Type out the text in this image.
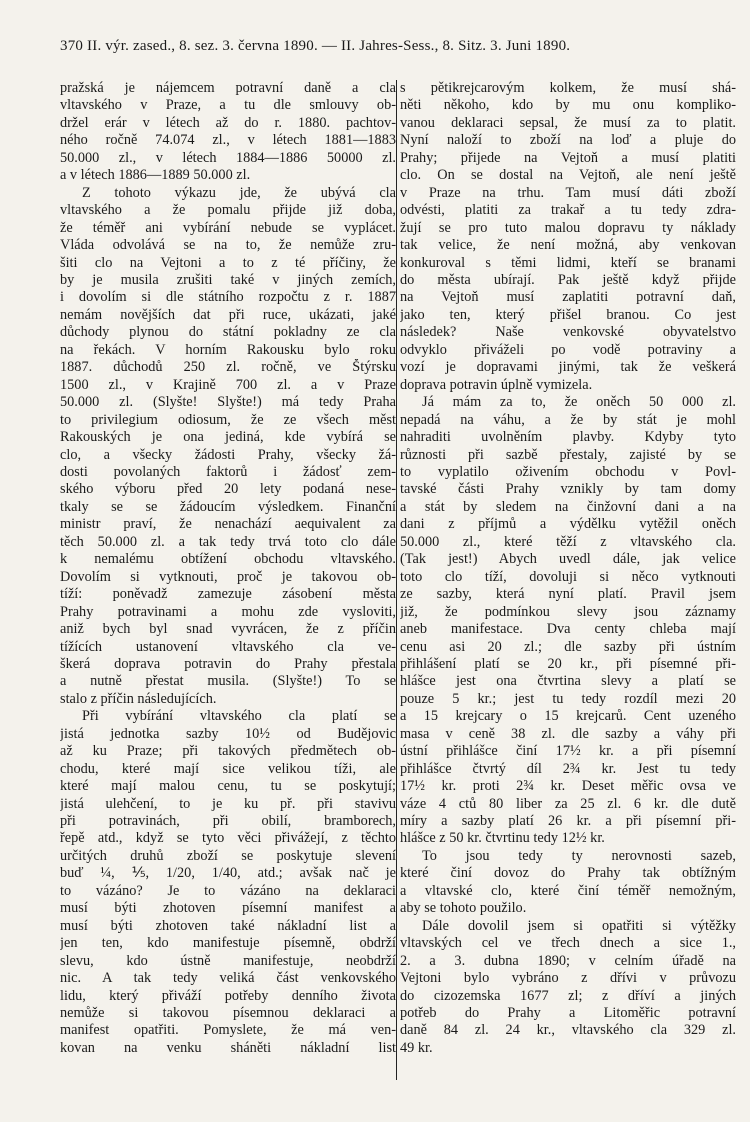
370 II. výr. zased., 8. sez. 3. června 1890. — II. Jahres-Sess., 8. Sitz. 3. Juni 1890.
pražská je nájemcem potravní daně a cla
vltavského v Praze, a tu dle smlouvy ob-
držel erár v létech až do r. 1880. pachtov-
ného ročně 74.074 zl., v létech 1881—1883
50.000 zl., v létech 1884—1886 50000 zl.
a v létech 1886—1889 50.000 zl.
Z tohoto výkazu jde, že ubývá cla
vltavského a že pomalu přijde již doba,
že téměř ani vybírání nebude se vyplácet.
Vláda odvolává se na to, že nemůže zru-
šiti clo na Vejtoni a to z té příčiny, že
by je musila zrušiti také v jiných zemích,
i dovolím si dle státního rozpočtu z r. 1887
nemám novějších dat při ruce, ukázati, jaké
důchody plynou do státní pokladny ze cla
na řekách. V horním Rakousku bylo roku
1887. důchodů 250 zl. ročně, ve Štýrsku
1500 zl., v Krajině 700 zl. a v Praze
50.000 zl. (Slyšte! Slyšte!) má tedy Praha
to privilegium odiosum, že ze všech měst
Rakouských je ona jediná, kde vybírá se
clo, a všecky žádosti Prahy, všecky žá-
dosti povolaných faktorů i žádosť zem-
ského výboru před 20 lety podaná nese-
tkaly se se žádoucím výsledkem. Finanční
ministr praví, že nenachází aequivalent za
těch 50.000 zl. a tak tedy trvá toto clo dále
k nemalému obtížení obchodu vltavského.
Dovolím si vytknouti, proč je takovou ob-
tíží: poněvadž zamezuje zásobení města
Prahy potravinami a mohu zde vysloviti,
aniž bych byl snad vyvrácen, že z příčin
tížících ustanovení vltavského cla ve-
škerá doprava potravin do Prahy přestala
a nutně přestat musila. (Slyšte!) To se
stalo z příčin následujících.
Při vybírání vltavského cla platí se
jistá jednotka sazby 10½ od Budějovic
až ku Praze; při takových předmětech ob-
chodu, které mají sice velikou tíži, ale
které mají malou cenu, tu se poskytují;
jistá ulehčení, to je ku př. při stavivu
při potravinách, při obilí, bramborech,
řepě atd., když se tyto věci přivážejí, z těchto
určitých druhů zboží se poskytuje slevení
buď ¼, ⅕, 1/20, 1/40, atd.; avšak nač je
to vázáno? Je to vázáno na deklaraci
musí býti zhotoven písemní manifest a
musí býti zhotoven také nákladní list a
jen ten, kdo manifestuje písemně, obdrží
slevu, kdo ústně manifestuje, neobdrží
nic. A tak tedy veliká část venkovského
lidu, který přiváží potřeby denního života
nemůže si takovou písemnou deklaraci a
manifest opatřiti. Pomyslete, že má ven-
kovan na venku sháněti nákladní list
s pětikrejcarovým kolkem, že musí shá-
něti někoho, kdo by mu onu kompliko-
vanou deklaraci sepsal, že musí za to platit.
Nyní naloží to zboží na loď a pluje do
Prahy; přijede na Vejtoň a musí platiti
clo. On se dostal na Vejtoň, ale není ještě
v Praze na trhu. Tam musí dáti zboží
odvésti, platiti za trakař a tu tedy zdra-
žují se pro tuto malou dopravu ty náklady
tak velice, že není možná, aby venkovan
konkuroval s těmi lidmi, kteří se branami
do města ubírají. Pak ještě když přijde
na Vejtoň musí zaplatiti potravní daň,
jako ten, který přišel branou. Co jest
následek? Naše venkovské obyvatelstvo
odvyklo přiváželi po vodě potraviny a
vozí je dopravami jinými, tak že veškerá
doprava potravin úplně vymizela.
Já mám za to, že oněch 50 000 zl.
nepadá na váhu, a že by stát je mohl
nahraditi uvolněním plavby. Kdyby tyto
různosti při sazbě přestaly, zajisté by se
to vyplatilo oživením obchodu v Povl-
tavské části Prahy vznikly by tam domy
a stát by sledem na činžovní dani a na
dani z příjmů a výdělku vytěžil oněch
50.000 zl., které těží z vltavského cla.
(Tak jest!) Abych uvedl dále, jak velice
toto clo tíží, dovoluji si něco vytknouti
ze sazby, která nyní platí. Pravil jsem
již, že podmínkou slevy jsou záznamy
aneb manifestace. Dva centy chleba mají
cenu asi 20 zl.; dle sazby při ústním
přihlášení platí se 20 kr., při písemné při-
hlášce jest ona čtvrtina slevy a platí se
pouze 5 kr.; jest tu tedy rozdíl mezi 20
a 15 krejcary o 15 krejcarů. Cent uzeného
masa v ceně 38 zl. dle sazby a váhy při
ústní přihlášce činí 17½ kr. a při písemní
přihlášce čtvrtý díl 2¾ kr. Jest tu tedy
17½ kr. proti 2¾ kr. Deset měřic ovsa ve
váze 4 ctů 80 liber za 25 zl. 6 kr. dle dutě
míry a sazby platí 26 kr. a při písemní při-
hlášce z 50 kr. čtvrtinu tedy 12½ kr.
To jsou tedy ty nerovnosti sazeb,
které činí dovoz do Prahy tak obtížným
a vltavské clo, které činí téměř nemožným,
aby se tohoto použilo.
Dále dovolil jsem si opatřiti si výtěžky
vltavských cel ve třech dnech a sice 1.,
2. a 3. dubna 1890; v celním úřadě na
Vejtoni bylo vybráno z dřívi v průvozu
do cizozemska 1677 zl; z dříví a jiných
potřeb do Prahy a Litoměřic potravní
daně 84 zl. 24 kr., vltavského cla 329 zl.
49 kr.
